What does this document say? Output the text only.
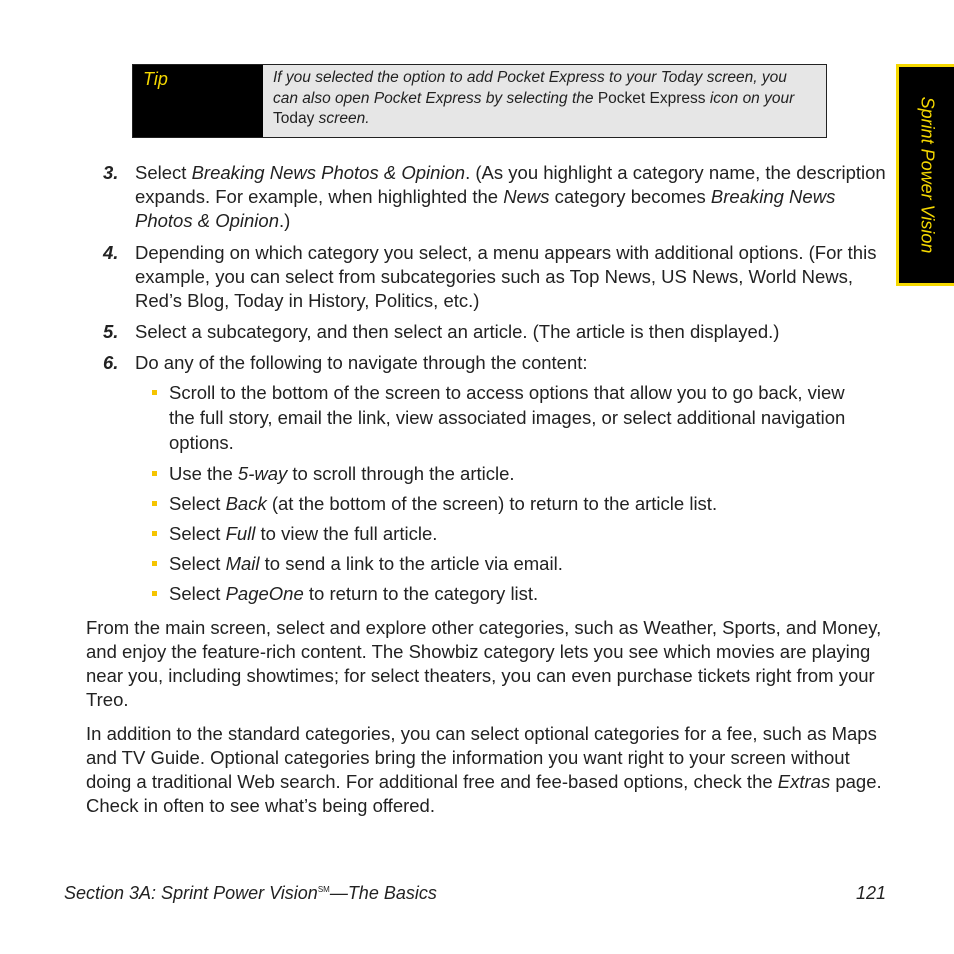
Tip	If you selected the option to add Pocket Express to your Today screen, you can also open Pocket Express by selecting the Pocket Express icon on your Today screen.	Sprint Power Vision
3. Select Breaking News Photos & Opinion. (As you highlight a category name, the description expands. For example, when highlighted the News category becomes Breaking News Photos & Opinion.)
4. Depending on which category you select, a menu appears with additional options. (For this example, you can select from subcategories such as Top News, US News, World News, Red’s Blog, Today in History, Politics, etc.)
5. Select a subcategory, and then select an article. (The article is then displayed.)
6. Do any of the following to navigate through the content:
Scroll to the bottom of the screen to access options that allow you to go back, view the full story, email the link, view associated images, or select additional navigation options.
Use the 5-way to scroll through the article.
Select Back (at the bottom of the screen) to return to the article list.
Select Full to view the full article.
Select Mail to send a link to the article via email.
Select PageOne to return to the category list.
From the main screen, select and explore other categories, such as Weather, Sports, and Money, and enjoy the feature-rich content. The Showbiz category lets you see which movies are playing near you, including showtimes; for select theaters, you can even purchase tickets right from your Treo.
In addition to the standard categories, you can select optional categories for a fee, such as Maps and TV Guide. Optional categories bring the information you want right to your screen without doing a traditional Web search. For additional free and fee-based options, check the Extras page. Check in often to see what’s being offered.
Section 3A: Sprint Power Vision℠—The Basics	121
